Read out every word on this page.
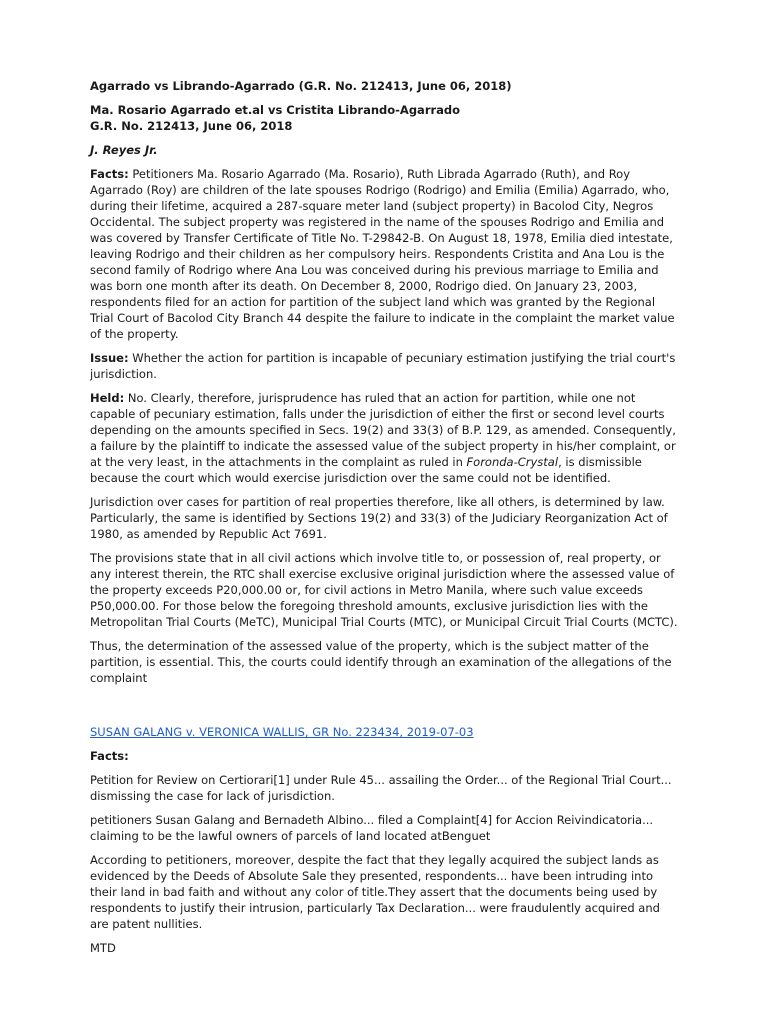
Agarrado vs Librando-Agarrado (G.R. No. 212413, June 06, 2018)

Ma. Rosario Agarrado et.al vs Cristita Librando-Agarrado
G.R. No. 212413, June 06, 2018

J. Reyes Jr.

Facts: Petitioners Ma. Rosario Agarrado (Ma. Rosario), Ruth Librada Agarrado (Ruth), and Roy Agarrado (Roy) are children of the late spouses Rodrigo (Rodrigo) and Emilia (Emilia) Agarrado, who, during their lifetime, acquired a 287-square meter land (subject property) in Bacolod City, Negros Occidental. The subject property was registered in the name of the spouses Rodrigo and Emilia and was covered by Transfer Certificate of Title No. T-29842-B. On August 18, 1978, Emilia died intestate, leaving Rodrigo and their children as her compulsory heirs. Respondents Cristita and Ana Lou is the second family of Rodrigo where Ana Lou was conceived during his previous marriage to Emilia and was born one month after its death. On December 8, 2000, Rodrigo died. On January 23, 2003, respondents filed for an action for partition of the subject land which was granted by the Regional Trial Court of Bacolod City Branch 44 despite the failure to indicate in the complaint the market value of the property.

Issue: Whether the action for partition is incapable of pecuniary estimation justifying the trial court's jurisdiction.

Held: No. Clearly, therefore, jurisprudence has ruled that an action for partition, while one not capable of pecuniary estimation, falls under the jurisdiction of either the first or second level courts depending on the amounts specified in Secs. 19(2) and 33(3) of B.P. 129, as amended. Consequently, a failure by the plaintiff to indicate the assessed value of the subject property in his/her complaint, or at the very least, in the attachments in the complaint as ruled in Foronda-Crystal, is dismissible because the court which would exercise jurisdiction over the same could not be identified.

Jurisdiction over cases for partition of real properties therefore, like all others, is determined by law. Particularly, the same is identified by Sections 19(2) and 33(3) of the Judiciary Reorganization Act of 1980, as amended by Republic Act 7691.

The provisions state that in all civil actions which involve title to, or possession of, real property, or any interest therein, the RTC shall exercise exclusive original jurisdiction where the assessed value of the property exceeds P20,000.00 or, for civil actions in Metro Manila, where such value exceeds P50,000.00. For those below the foregoing threshold amounts, exclusive jurisdiction lies with the Metropolitan Trial Courts (MeTC), Municipal Trial Courts (MTC), or Municipal Circuit Trial Courts (MCTC).

Thus, the determination of the assessed value of the property, which is the subject matter of the partition, is essential. This, the courts could identify through an examination of the allegations of the complaint

SUSAN GALANG v. VERONICA WALLIS, GR No. 223434, 2019-07-03

Facts:

Petition for Review on Certiorari[1] under Rule 45... assailing the Order... of the Regional Trial Court... dismissing the case for lack of jurisdiction.

petitioners Susan Galang and Bernadeth Albino... filed a Complaint[4] for Accion Reivindicatoria... claiming to be the lawful owners of parcels of land located atBenguet

According to petitioners, moreover, despite the fact that they legally acquired the subject lands as evidenced by the Deeds of Absolute Sale they presented, respondents... have been intruding into their land in bad faith and without any color of title.They assert that the documents being used by respondents to justify their intrusion, particularly Tax Declaration... were fraudulently acquired and are patent nullities.

MTD
